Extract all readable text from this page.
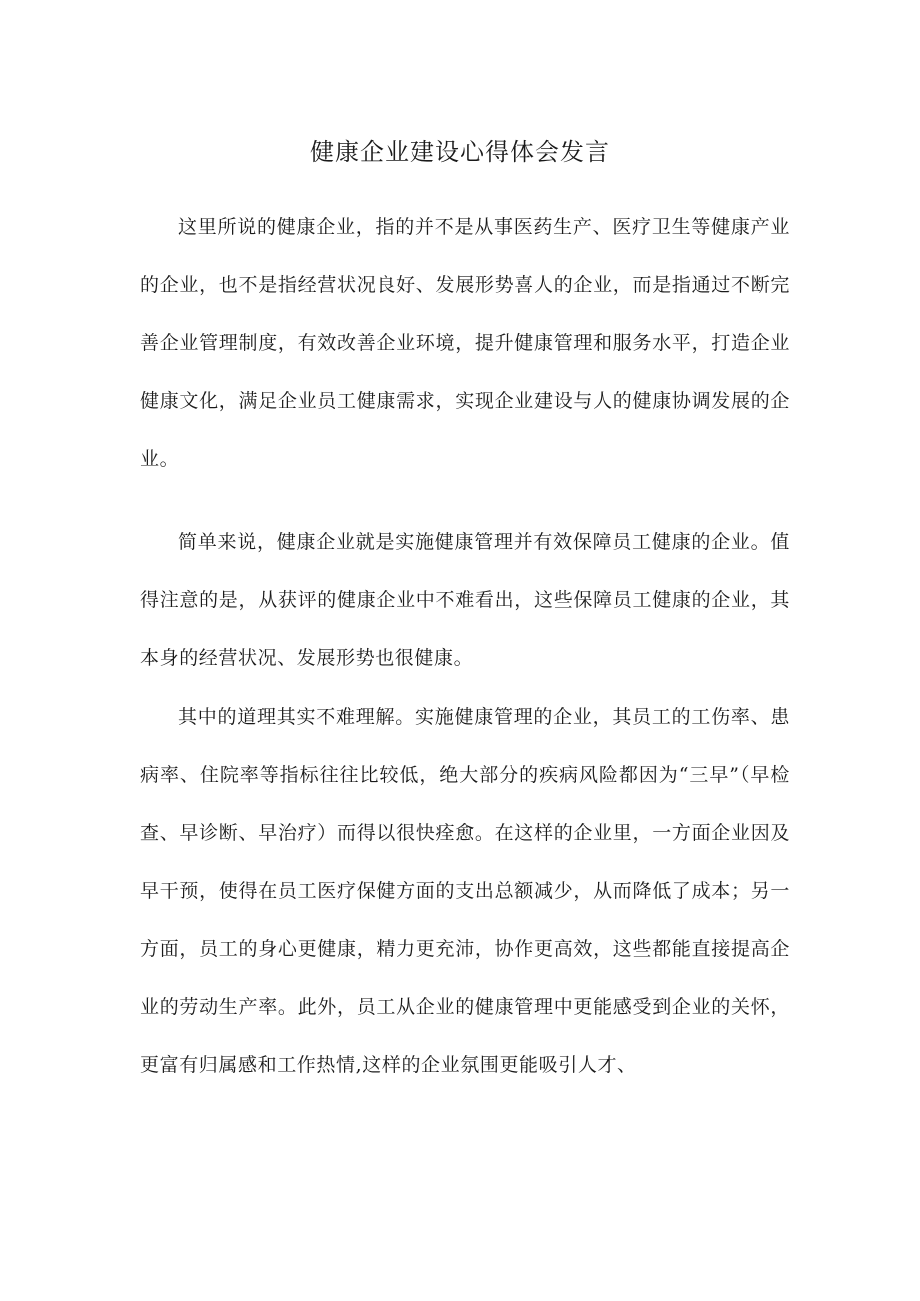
健康企业建设心得体会发言

这里所说的健康企业，指的并不是从事医药生产、医疗卫生等健康产业的企业，也不是指经营状况良好、发展形势喜人的企业，而是指通过不断完善企业管理制度，有效改善企业环境，提升健康管理和服务水平，打造企业健康文化，满足企业员工健康需求，实现企业建设与人的健康协调发展的企业。

简单来说，健康企业就是实施健康管理并有效保障员工健康的企业。值得注意的是，从获评的健康企业中不难看出，这些保障员工健康的企业，其本身的经营状况、发展形势也很健康。

其中的道理其实不难理解。实施健康管理的企业，其员工的工伤率、患病率、住院率等指标往往比较低，绝大部分的疾病风险都因为“三早”（早检查、早诊断、早治疗）而得以很快痊愈。在这样的企业里，一方面企业因及早干预，使得在员工医疗保健方面的支出总额减少，从而降低了成本；另一方面，员工的身心更健康，精力更充沛，协作更高效，这些都能直接提高企业的劳动生产率。此外，员工从企业的健康管理中更能感受到企业的关怀，更富有归属感和工作热情,这样的企业氛围更能吸引人才、
